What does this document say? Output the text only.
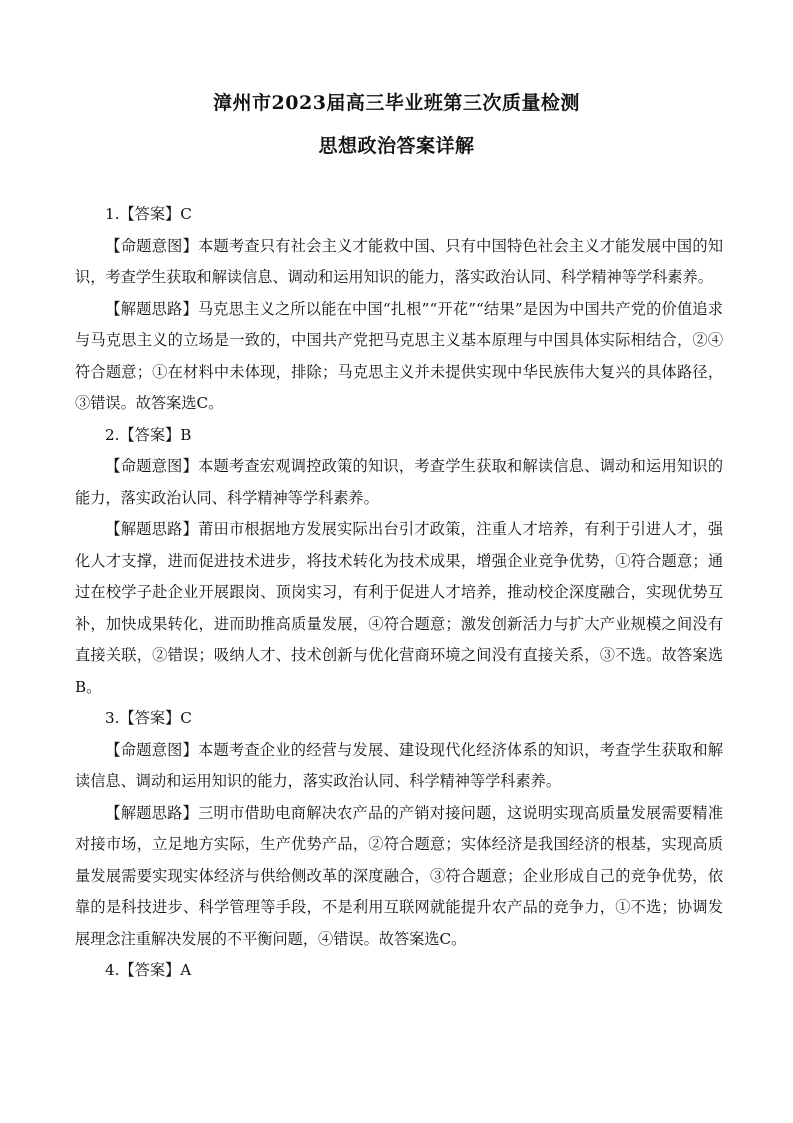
漳州市2023届高三毕业班第三次质量检测
思想政治答案详解

1.【答案】C

【命题意图】本题考查只有社会主义才能救中国、只有中国特色社会主义才能发展中国的知识，考查学生获取和解读信息、调动和运用知识的能力，落实政治认同、科学精神等学科素养。

【解题思路】马克思主义之所以能在中国“扎根”“开花”“结果”是因为中国共产党的价值追求与马克思主义的立场是一致的，中国共产党把马克思主义基本原理与中国具体实际相结合，②④符合题意；①在材料中未体现，排除；马克思主义并未提供实现中华民族伟大复兴的具体路径，③错误。故答案选C。

2.【答案】B

【命题意图】本题考查宏观调控政策的知识，考查学生获取和解读信息、调动和运用知识的能力，落实政治认同、科学精神等学科素养。

【解题思路】莆田市根据地方发展实际出台引才政策，注重人才培养，有利于引进人才，强化人才支撑，进而促进技术进步，将技术转化为技术成果，增强企业竞争优势，①符合题意；通过在校学子赴企业开展跟岗、顶岗实习，有利于促进人才培养，推动校企深度融合，实现优势互补，加快成果转化，进而助推高质量发展，④符合题意；激发创新活力与扩大产业规模之间没有直接关联，②错误；吸纳人才、技术创新与优化营商环境之间没有直接关系，③不选。故答案选B。

3.【答案】C

【命题意图】本题考查企业的经营与发展、建设现代化经济体系的知识，考查学生获取和解读信息、调动和运用知识的能力，落实政治认同、科学精神等学科素养。

【解题思路】三明市借助电商解决农产品的产销对接问题，这说明实现高质量发展需要精准对接市场，立足地方实际，生产优势产品，②符合题意；实体经济是我国经济的根基，实现高质量发展需要实现实体经济与供给侧改革的深度融合，③符合题意；企业形成自己的竞争优势，依靠的是科技进步、科学管理等手段，不是利用互联网就能提升农产品的竞争力，①不选；协调发展理念注重解决发展的不平衡问题，④错误。故答案选C。

4.【答案】A
